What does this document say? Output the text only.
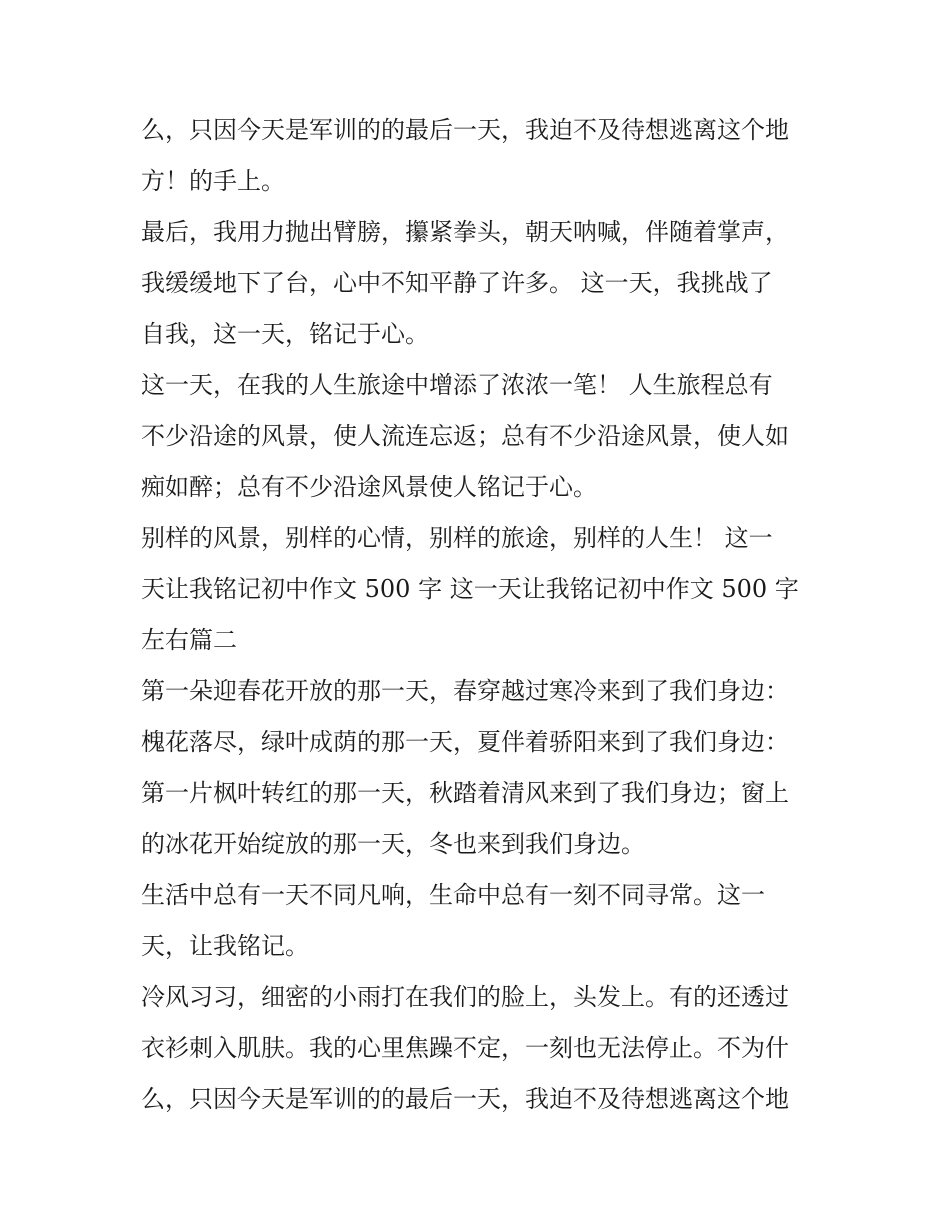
么，只因今天是军训的的最后一天，我迫不及待想逃离这个地
方！的手上。
最后，我用力抛出臂膀，攥紧拳头，朝天呐喊，伴随着掌声，
我缓缓地下了台，心中不知平静了许多。 这一天，我挑战了
自我，这一天，铭记于心。
这一天，在我的人生旅途中增添了浓浓一笔！ 人生旅程总有
不少沿途的风景，使人流连忘返；总有不少沿途风景，使人如
痴如醉；总有不少沿途风景使人铭记于心。
别样的风景，别样的心情，别样的旅途，别样的人生！ 这一
天让我铭记初中作文 500 字 这一天让我铭记初中作文 500 字
左右篇二
第一朵迎春花开放的那一天，春穿越过寒冷来到了我们身边：
槐花落尽，绿叶成荫的那一天，夏伴着骄阳来到了我们身边：
第一片枫叶转红的那一天，秋踏着清风来到了我们身边；窗上
的冰花开始绽放的那一天，冬也来到我们身边。
生活中总有一天不同凡响，生命中总有一刻不同寻常。这一
天，让我铭记。
冷风习习，细密的小雨打在我们的脸上，头发上。有的还透过
衣衫刺入肌肤。我的心里焦躁不定，一刻也无法停止。不为什
么，只因今天是军训的的最后一天，我迫不及待想逃离这个地
